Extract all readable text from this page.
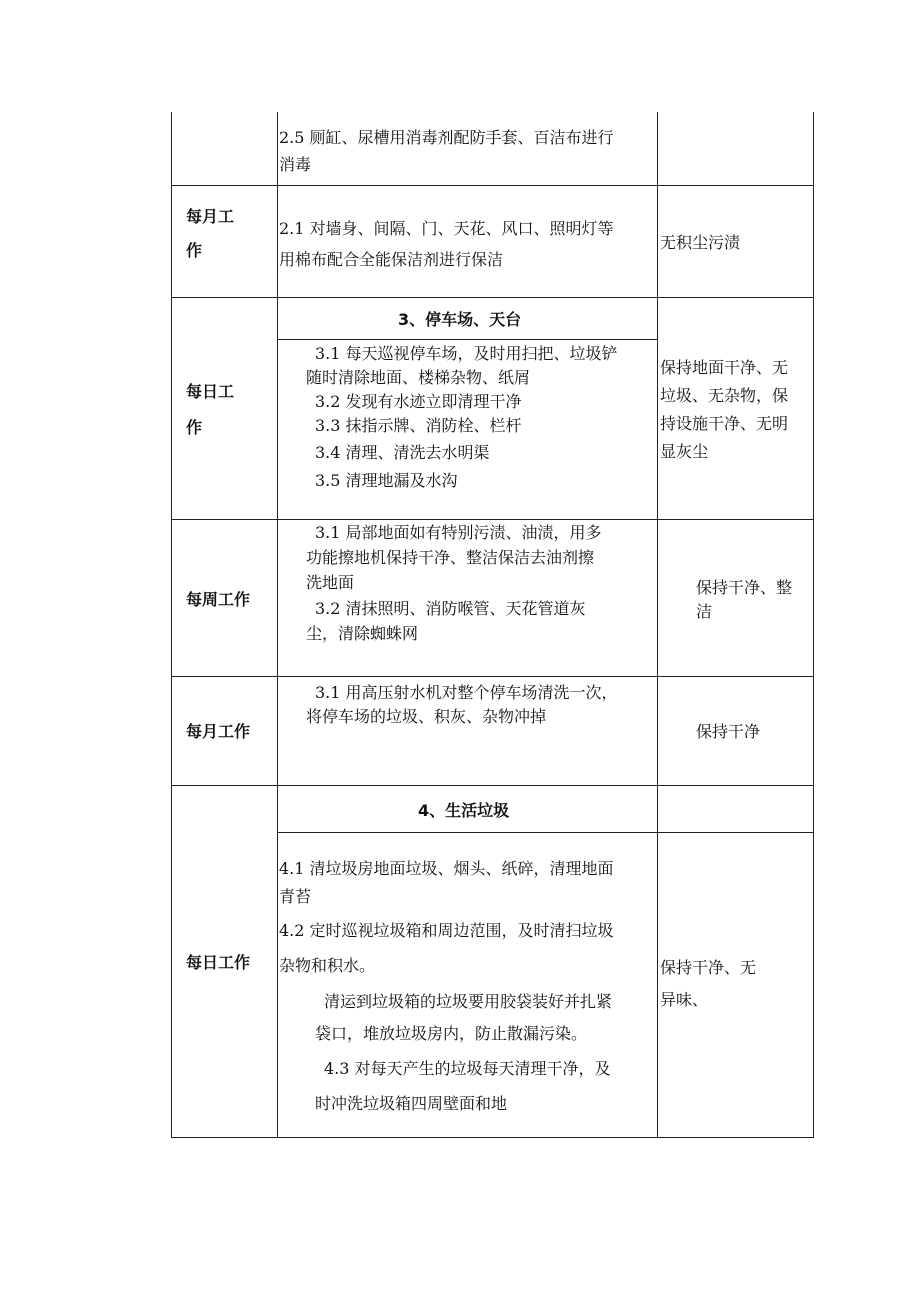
2.5 厕缸、尿槽用消毒剂配防手套、百洁布进行
消毒
每月工
作
2.1 对墙身、间隔、门、天花、风口、照明灯等
用棉布配合全能保洁剂进行保洁
无积尘污渍
3、停车场、天台
每日工
作
3.1 每天巡视停车场，及时用扫把、垃圾铲
随时清除地面、楼梯杂物、纸屑
3.2 发现有水迹立即清理干净
3.3 抹指示牌、消防栓、栏杆
3.4 清理、清洗去水明渠
3.5 清理地漏及水沟
保持地面干净、无
垃圾、无杂物，保
持设施干净、无明
显灰尘
每周工作
3.1 局部地面如有特别污渍、油渍，用多
功能擦地机保持干净、整洁保洁去油剂擦
洗地面
3.2 清抹照明、消防喉管、天花管道灰
尘，清除蜘蛛网
保持干净、整
洁
每月工作
3.1 用高压射水机对整个停车场清洗一次，
将停车场的垃圾、积灰、杂物冲掉
保持干净
4、生活垃圾
每日工作
4.1 清垃圾房地面垃圾、烟头、纸碎，清理地面
青苔
4.2 定时巡视垃圾箱和周边范围，及时清扫垃圾
杂物和积水。
清运到垃圾箱的垃圾要用胶袋装好并扎紧
袋口，堆放垃圾房内，防止散漏污染。
4.3 对每天产生的垃圾每天清理干净，及
时冲洗垃圾箱四周壁面和地
保持干净、无
异味、
